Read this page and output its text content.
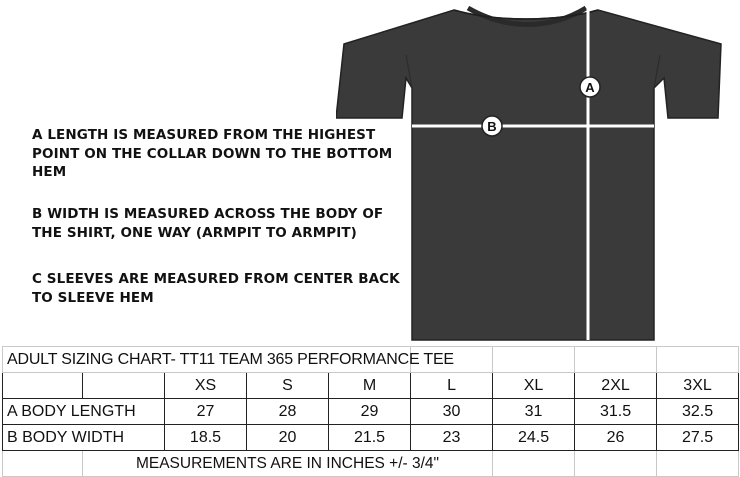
A LENGTH IS MEASURED FROM THE HIGHEST POINT ON THE COLLAR DOWN TO THE BOTTOM HEM
B WIDTH IS MEASURED ACROSS THE BODY OF THE SHIRT, ONE WAY (ARMPIT TO ARMPIT)
C SLEEVES ARE MEASURED FROM CENTER BACK TO SLEEVE HEM
A
B
ADULT SIZING CHART- TT11 TEAM 365 PERFORMANCE TEE								
		XS	S	M	L	XL	2XL	3XL
A BODY LENGTH		27	28	29	30	31	31.5	32.5
B BODY WIDTH		18.5	20	21.5	23	24.5	26	27.5
	MEASUREMENTS ARE IN INCHES +/- 3/4"							
